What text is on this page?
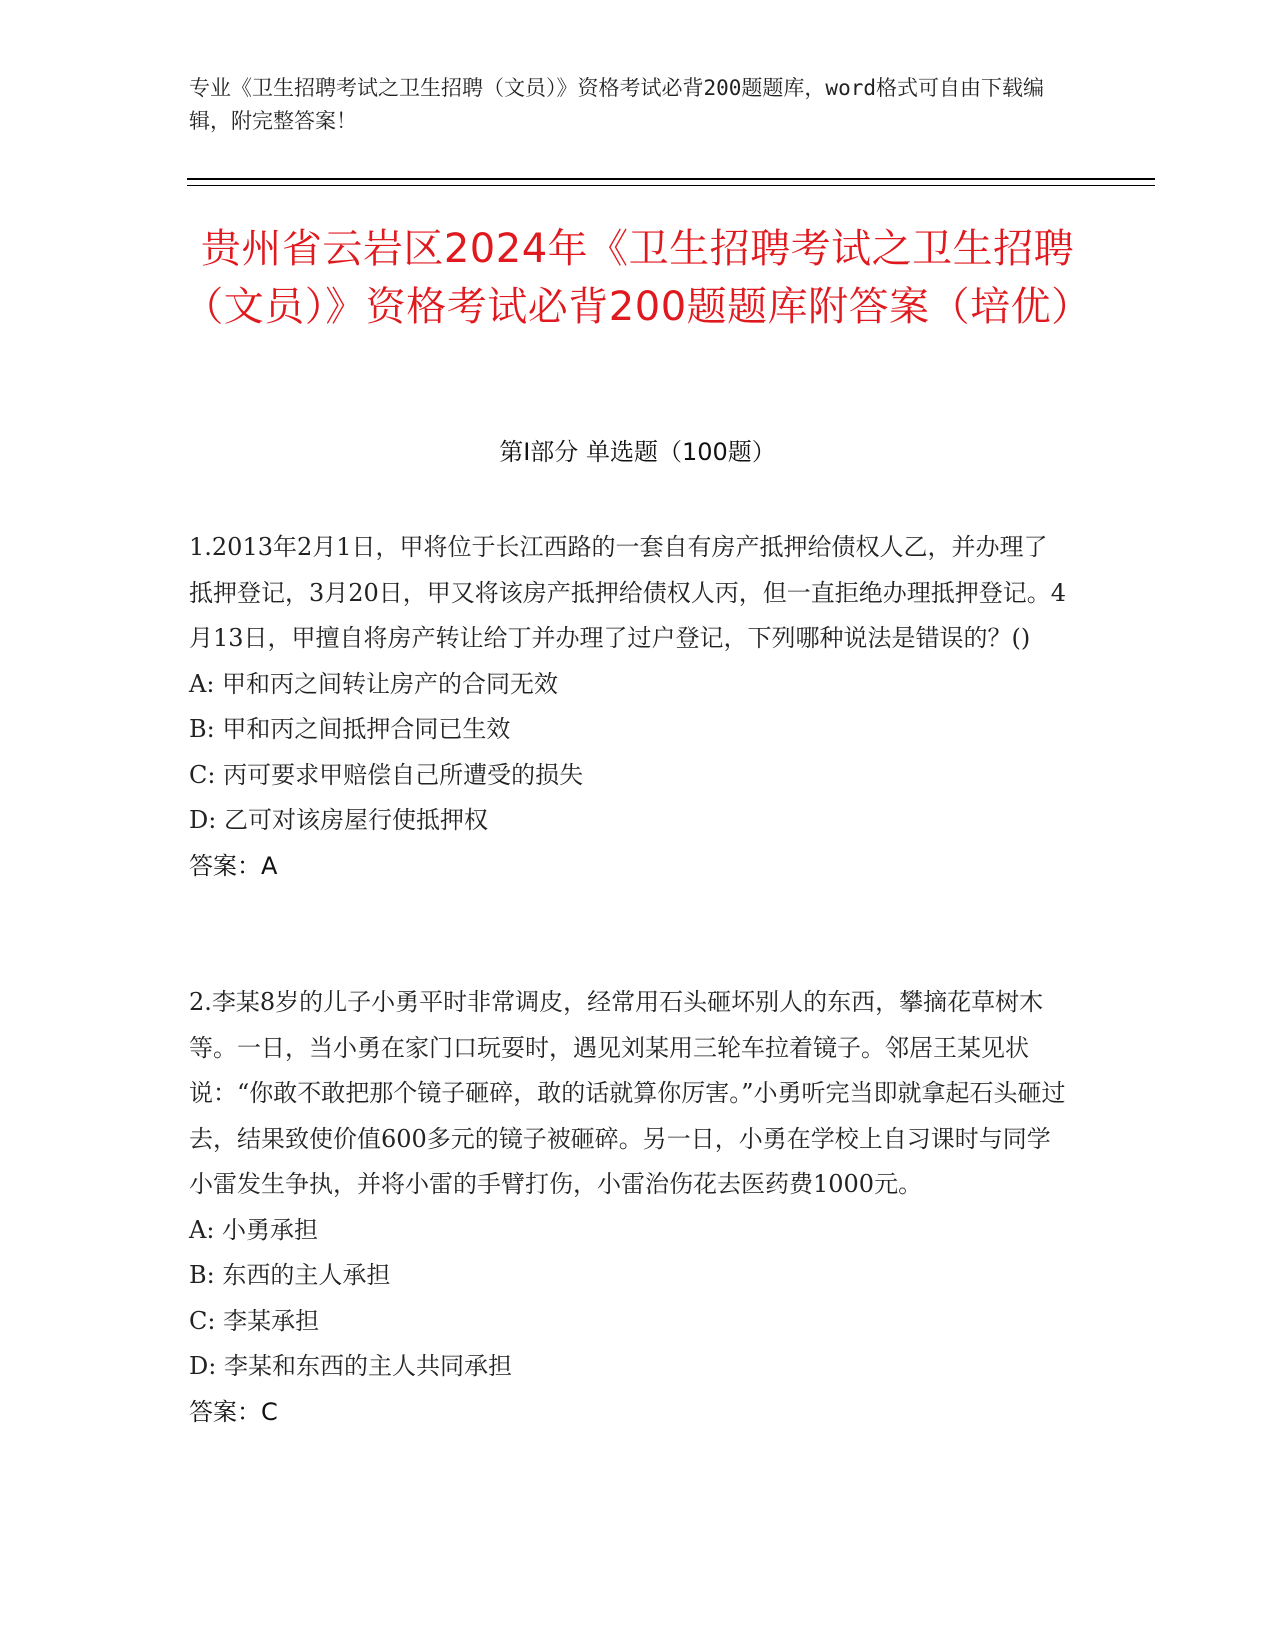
专业《卫生招聘考试之卫生招聘（文员）》资格考试必背200题题库，word格式可自由下载编辑，附完整答案！
贵州省云岩区2024年《卫生招聘考试之卫生招聘（文员）》资格考试必背200题题库附答案（培优）
第Ⅰ部分 单选题（100题）
1.2013年2月1日，甲将位于长江西路的一套自有房产抵押给债权人乙，并办理了抵押登记，3月20日，甲又将该房产抵押给债权人丙，但一直拒绝办理抵押登记。4月13日，甲擅自将房产转让给丁并办理了过户登记，下列哪种说法是错误的？()
A: 甲和丙之间转让房产的合同无效
B: 甲和丙之间抵押合同已生效
C: 丙可要求甲赔偿自己所遭受的损失
D: 乙可对该房屋行使抵押权
答案：A
2.李某8岁的儿子小勇平时非常调皮，经常用石头砸坏别人的东西，攀摘花草树木等。一日，当小勇在家门口玩耍时，遇见刘某用三轮车拉着镜子。邻居王某见状说：“你敢不敢把那个镜子砸碎，敢的话就算你厉害。”小勇听完当即就拿起石头砸过去，结果致使价值600多元的镜子被砸碎。另一日，小勇在学校上自习课时与同学小雷发生争执，并将小雷的手臂打伤，小雷治伤花去医药费1000元。
A: 小勇承担
B: 东西的主人承担
C: 李某承担
D: 李某和东西的主人共同承担
答案：C
